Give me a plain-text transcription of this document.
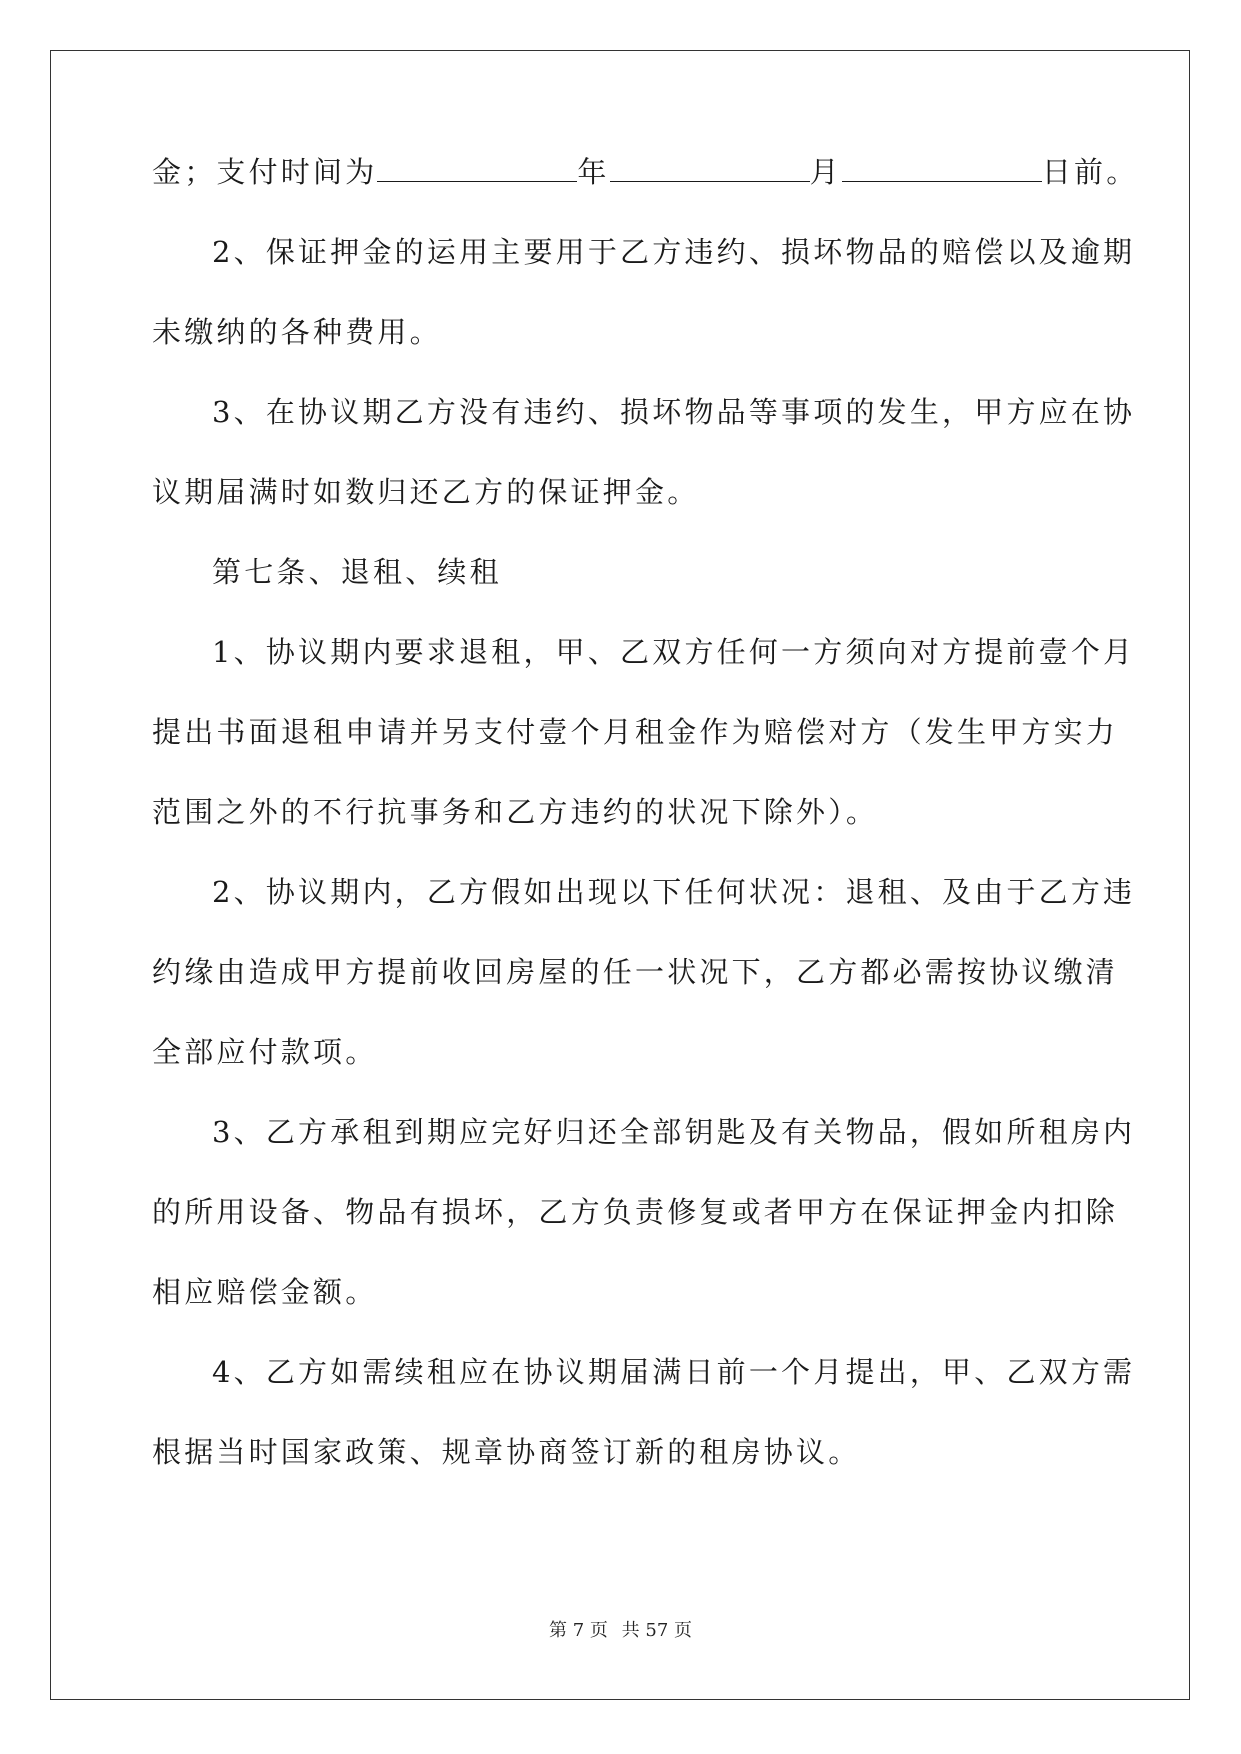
金；支付时间为	年	月	日前。
2、保证押金的运用主要用于乙方违约、损坏物品的赔偿以及逾期
未缴纳的各种费用。
3、在协议期乙方没有违约、损坏物品等事项的发生，甲方应在协
议期届满时如数归还乙方的保证押金。
第七条、退租、续租
1、协议期内要求退租，甲、乙双方任何一方须向对方提前壹个月
提出书面退租申请并另支付壹个月租金作为赔偿对方（发生甲方实力
范围之外的不行抗事务和乙方违约的状况下除外）。
2、协议期内，乙方假如出现以下任何状况：退租、及由于乙方违
约缘由造成甲方提前收回房屋的任一状况下，乙方都必需按协议缴清
全部应付款项。
3、乙方承租到期应完好归还全部钥匙及有关物品，假如所租房内
的所用设备、物品有损坏，乙方负责修复或者甲方在保证押金内扣除
相应赔偿金额。
4、乙方如需续租应在协议期届满日前一个月提出，甲、乙双方需
根据当时国家政策、规章协商签订新的租房协议。
第 7 页 共 57 页
